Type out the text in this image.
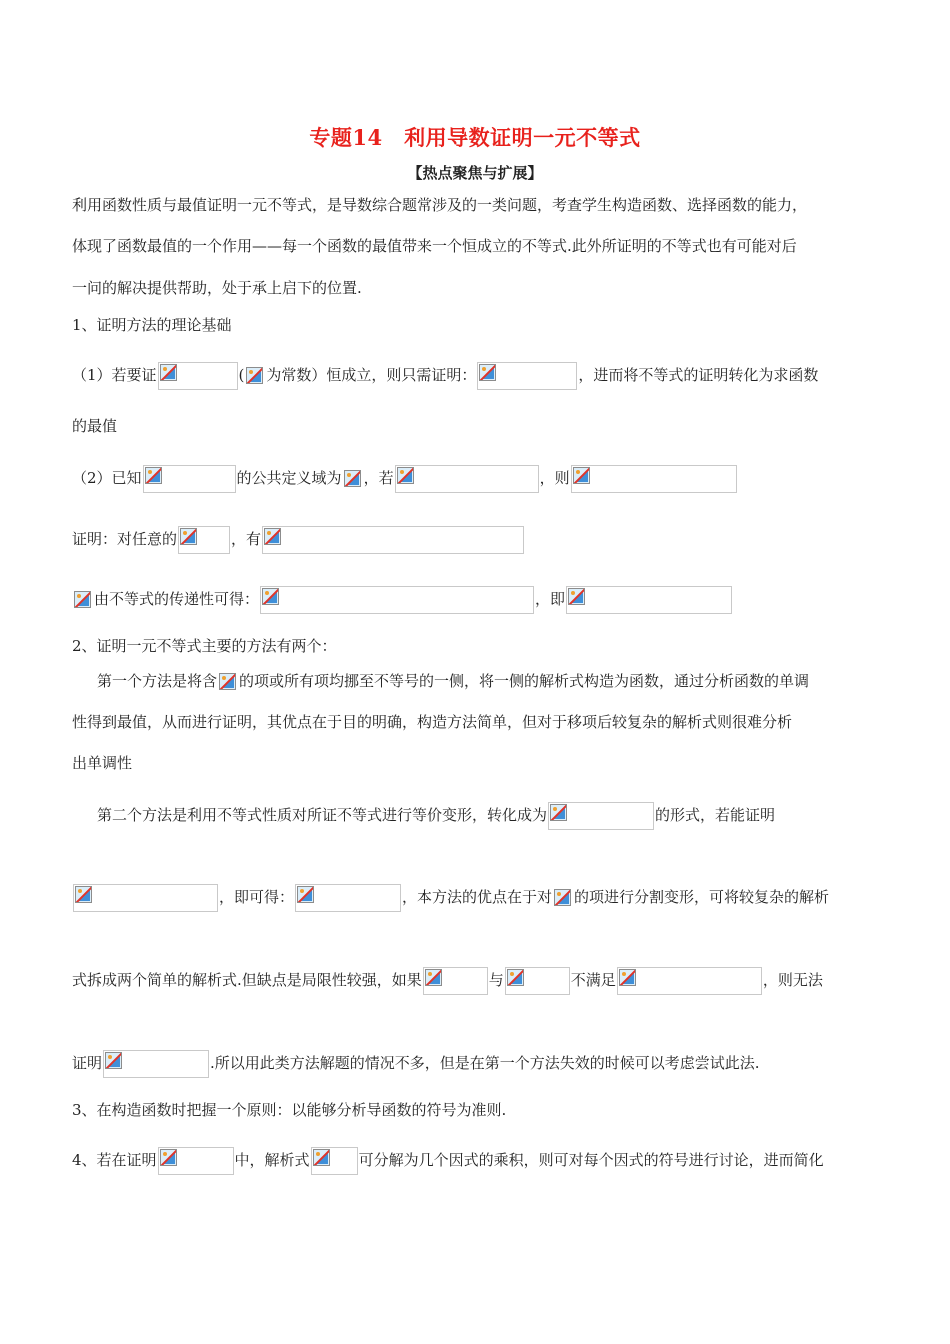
专题14　利用导数证明一元不等式
【热点聚焦与扩展】
利用函数性质与最值证明一元不等式，是导数综合题常涉及的一类问题，考查学生构造函数、选择函数的能力，
体现了函数最值的一个作用——每一个函数的最值带来一个恒成立的不等式.此外所证明的不等式也有可能对后
一问的解决提供帮助，处于承上启下的位置.
1、证明方法的理论基础
（1）若要证	( 为常数）恒成立，则只需证明：	，进而将不等式的证明转化为求函数
的最值
（2）已知	的公共定义域为 ，若	，则
证明：对任意的	，有
由不等式的传递性可得：	，即
2、证明一元不等式主要的方法有两个：
第一个方法是将含 的项或所有项均挪至不等号的一侧，将一侧的解析式构造为函数，通过分析函数的单调
性得到最值，从而进行证明，其优点在于目的明确，构造方法简单，但对于移项后较复杂的解析式则很难分析
出单调性
第二个方法是利用不等式性质对所证不等式进行等价变形，转化成为	的形式，若能证明
，即可得：	，本方法的优点在于对 的项进行分割变形，可将较复杂的解析
式拆成两个简单的解析式.但缺点是局限性较强，如果	与	不满足	，则无法
证明	.所以用此类方法解题的情况不多，但是在第一个方法失效的时候可以考虑尝试此法.
3、在构造函数时把握一个原则：以能够分析导函数的符号为准则.
4、若在证明	中，解析式	可分解为几个因式的乘积，则可对每个因式的符号进行讨论，进而简化
